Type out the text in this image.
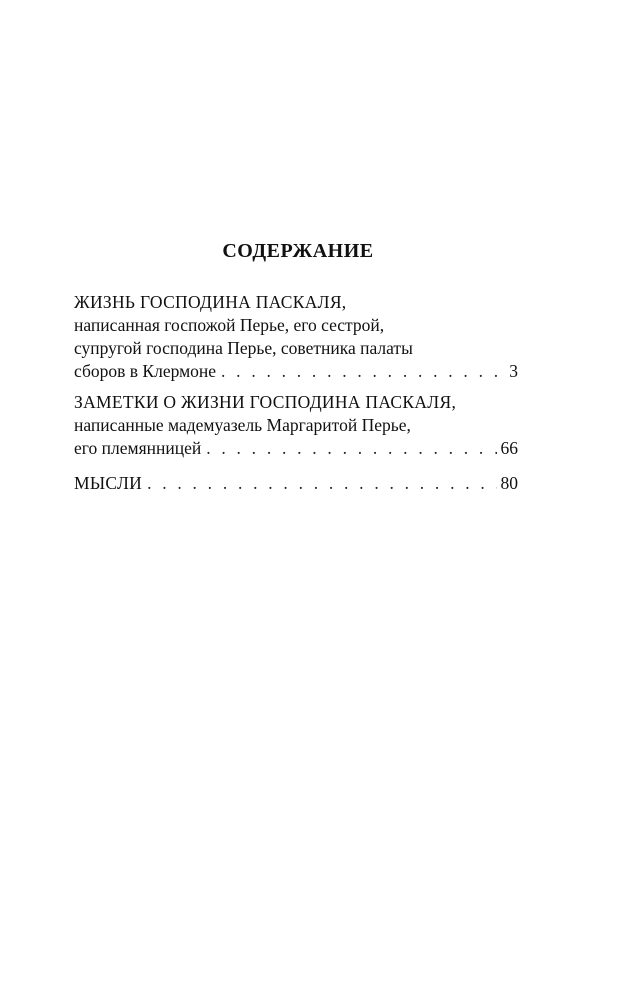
СОДЕРЖАНИЕ
ЖИЗНЬ ГОСПОДИНА ПАСКАЛЯ,
написанная госпожой Перье, его сестрой,
супругой господина Перье, советника палаты
сборов в Клермоне . . .	3
ЗАМЕТКИ О ЖИЗНИ ГОСПОДИНА ПАСКАЛЯ,
написанные мадемуазель Маргаритой Перье,
его племянницей . . .	66
МЫСЛИ . . .	80
